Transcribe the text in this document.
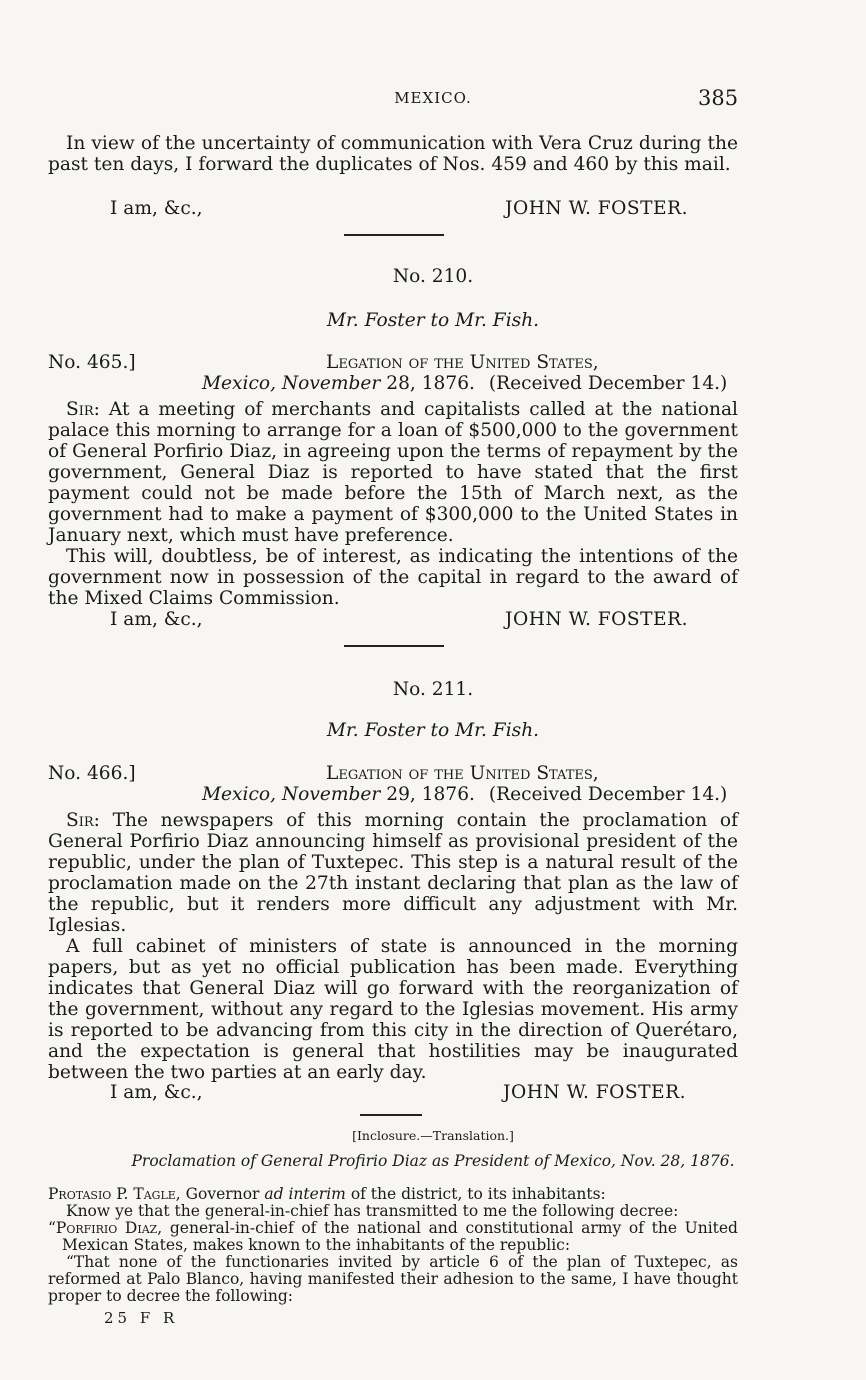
MEXICO.	385

In view of the uncertainty of communication with Vera Cruz during the past ten days, I forward the duplicates of Nos. 459 and 460 by this mail.

I am, &c.,	JOHN W. FOSTER.
No. 210.
Mr. Foster to Mr. Fish.
No. 465.]	Legation of the United States,
Mexico, November 28, 1876. (Received December 14.)

Sir: At a meeting of merchants and capitalists called at the national palace this morning to arrange for a loan of $500,000 to the government of General Porfirio Diaz, in agreeing upon the terms of repayment by the government, General Diaz is reported to have stated that the first payment could not be made before the 15th of March next, as the government had to make a payment of $300,000 to the United States in January next, which must have preference.

This will, doubtless, be of interest, as indicating the intentions of the government now in possession of the capital in regard to the award of the Mixed Claims Commission.

I am, &c.,	JOHN W. FOSTER.
No. 211.
Mr. Foster to Mr. Fish.
No. 466.]	Legation of the United States,
Mexico, November 29, 1876. (Received December 14.)

Sir: The newspapers of this morning contain the proclamation of General Porfirio Diaz announcing himself as provisional president of the republic, under the plan of Tuxtepec. This step is a natural result of the proclamation made on the 27th instant declaring that plan as the law of the republic, but it renders more difficult any adjustment with Mr. Iglesias.

A full cabinet of ministers of state is announced in the morning papers, but as yet no official publication has been made. Everything indicates that General Diaz will go forward with the reorganization of the government, without any regard to the Iglesias movement. His army is reported to be advancing from this city in the direction of Querétaro, and the expectation is general that hostilities may be inaugurated between the two parties at an early day.

I am, &c.,	JOHN W. FOSTER.
[Inclosure.—Translation.]
Proclamation of General Profirio Diaz as President of Mexico, Nov. 28, 1876.

Protasio P. Tagle, Governor ad interim of the district, to its inhabitants:

Know ye that the general-in-chief has transmitted to me the following decree:

“Porfirio Diaz, general-in-chief of the national and constitutional army of the United Mexican States, makes known to the inhabitants of the republic:

“That none of the functionaries invited by article 6 of the plan of Tuxtepec, as reformed at Palo Blanco, having manifested their adhesion to the same, I have thought proper to decree the following:

25 F R
